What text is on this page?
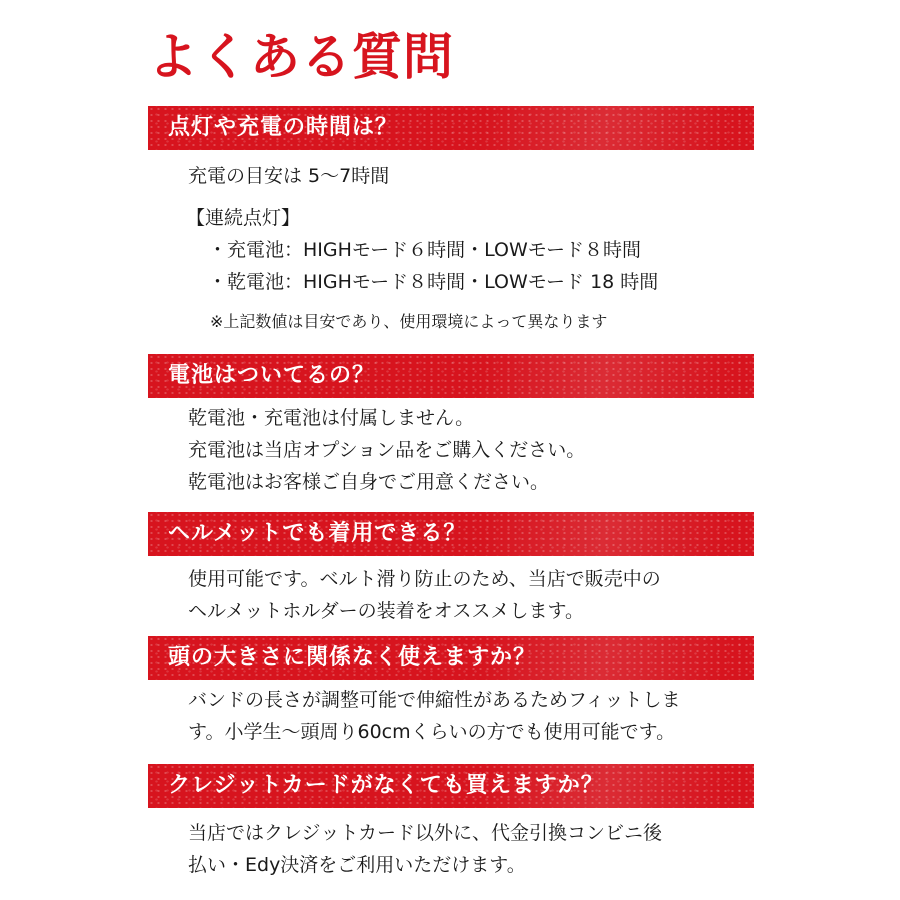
よくある質問
点灯や充電の時間は？
充電の目安は 5〜7時間
【連続点灯】
・充電池：HIGHモード６時間・LOWモード８時間
・乾電池：HIGHモード８時間・LOWモード 18 時間
※上記数値は目安であり、使用環境によって異なります
電池はついてるの？
乾電池・充電池は付属しません。
充電池は当店オプション品をご購入ください。
乾電池はお客様ご自身でご用意ください。
ヘルメットでも着用できる？
使用可能です。ベルト滑り防止のため、当店で販売中の
ヘルメットホルダーの装着をオススメします。
頭の大きさに関係なく使えますか？
バンドの長さが調整可能で伸縮性があるためフィットしま
す。小学生〜頭周り60cmくらいの方でも使用可能です。
クレジットカードがなくても買えますか？
当店ではクレジットカード以外に、代金引換コンビニ後
払い・Edy決済をご利用いただけます。
